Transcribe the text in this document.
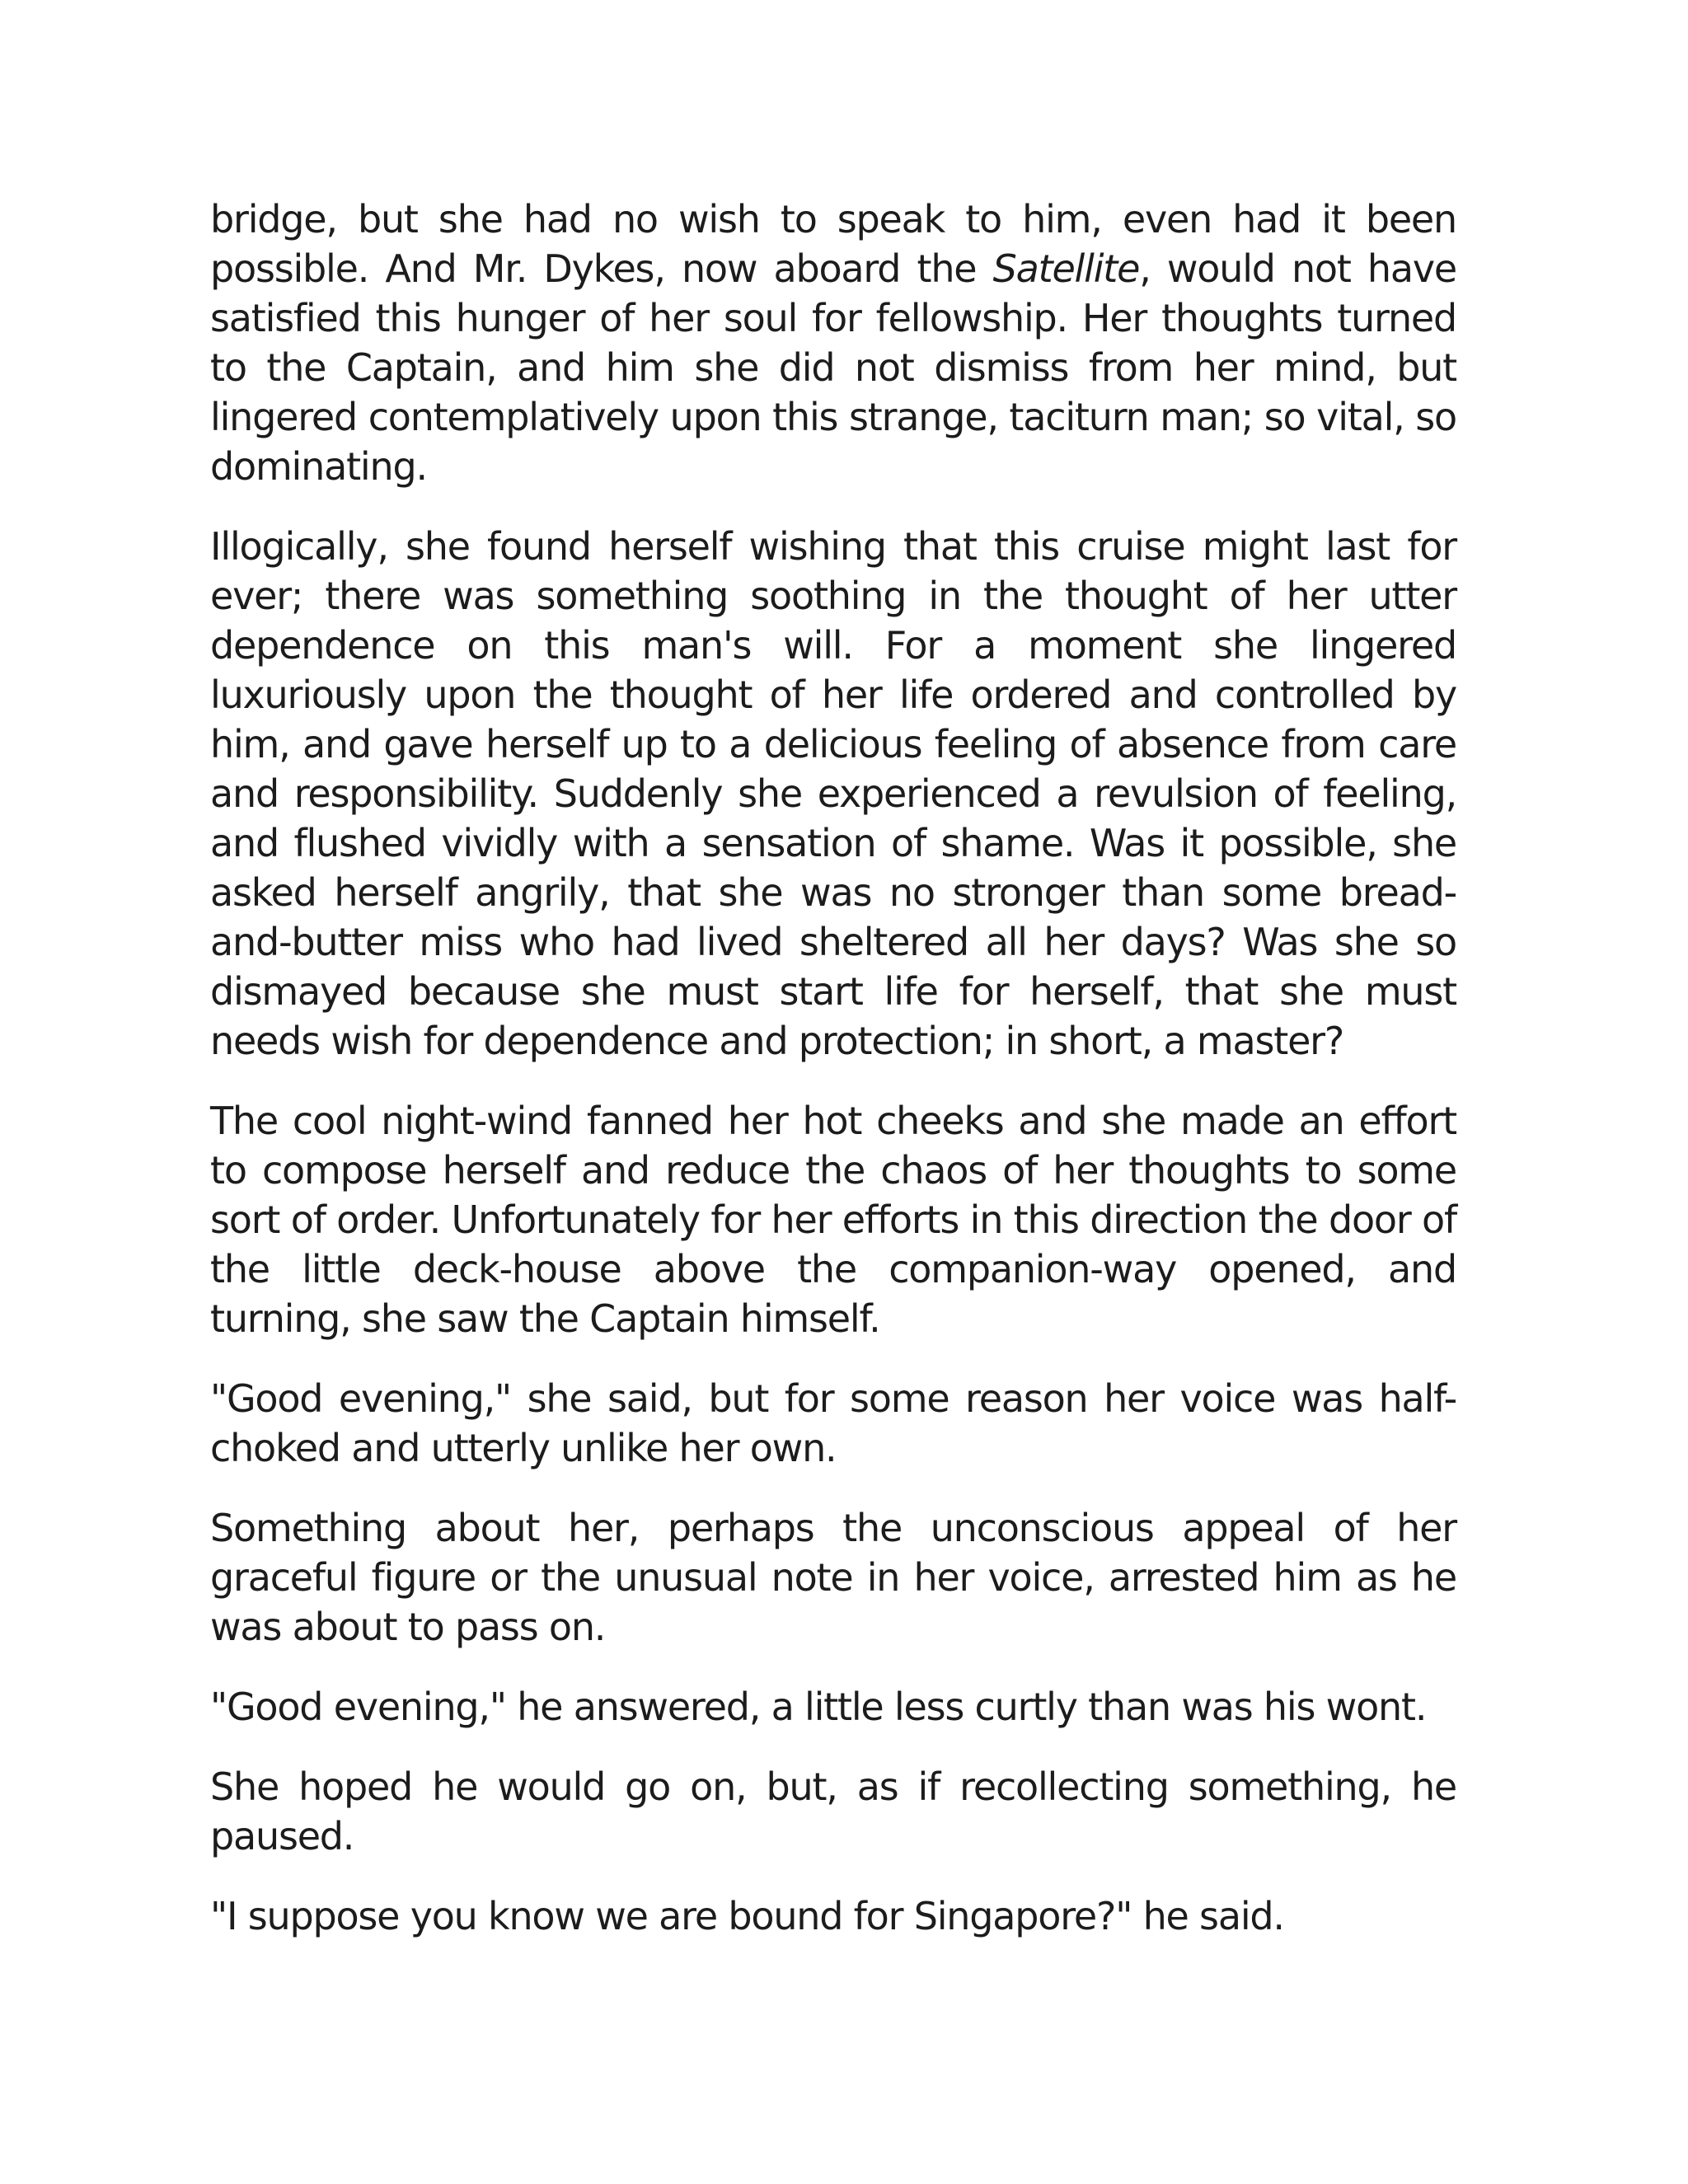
bridge, but she had no wish to speak to him, even had it been possible. And Mr. Dykes, now aboard the Satellite, would not have satisfied this hunger of her soul for fellowship. Her thoughts turned to the Captain, and him she did not dismiss from her mind, but lingered contemplatively upon this strange, taciturn man; so vital, so dominating.

Illogically, she found herself wishing that this cruise might last for ever; there was something soothing in the thought of her utter dependence on this man's will. For a moment she lingered luxuriously upon the thought of her life ordered and controlled by him, and gave herself up to a delicious feeling of absence from care and responsibility. Suddenly she experienced a revulsion of feeling, and flushed vividly with a sensation of shame. Was it possible, she asked herself angrily, that she was no stronger than some bread-and-butter miss who had lived sheltered all her days? Was she so dismayed because she must start life for herself, that she must needs wish for dependence and protection; in short, a master?

The cool night-wind fanned her hot cheeks and she made an effort to compose herself and reduce the chaos of her thoughts to some sort of order. Unfortunately for her efforts in this direction the door of the little deck-house above the companion-way opened, and turning, she saw the Captain himself.

"Good evening," she said, but for some reason her voice was half-choked and utterly unlike her own.

Something about her, perhaps the unconscious appeal of her graceful figure or the unusual note in her voice, arrested him as he was about to pass on.

"Good evening," he answered, a little less curtly than was his wont.

She hoped he would go on, but, as if recollecting something, he paused.

"I suppose you know we are bound for Singapore?" he said.
